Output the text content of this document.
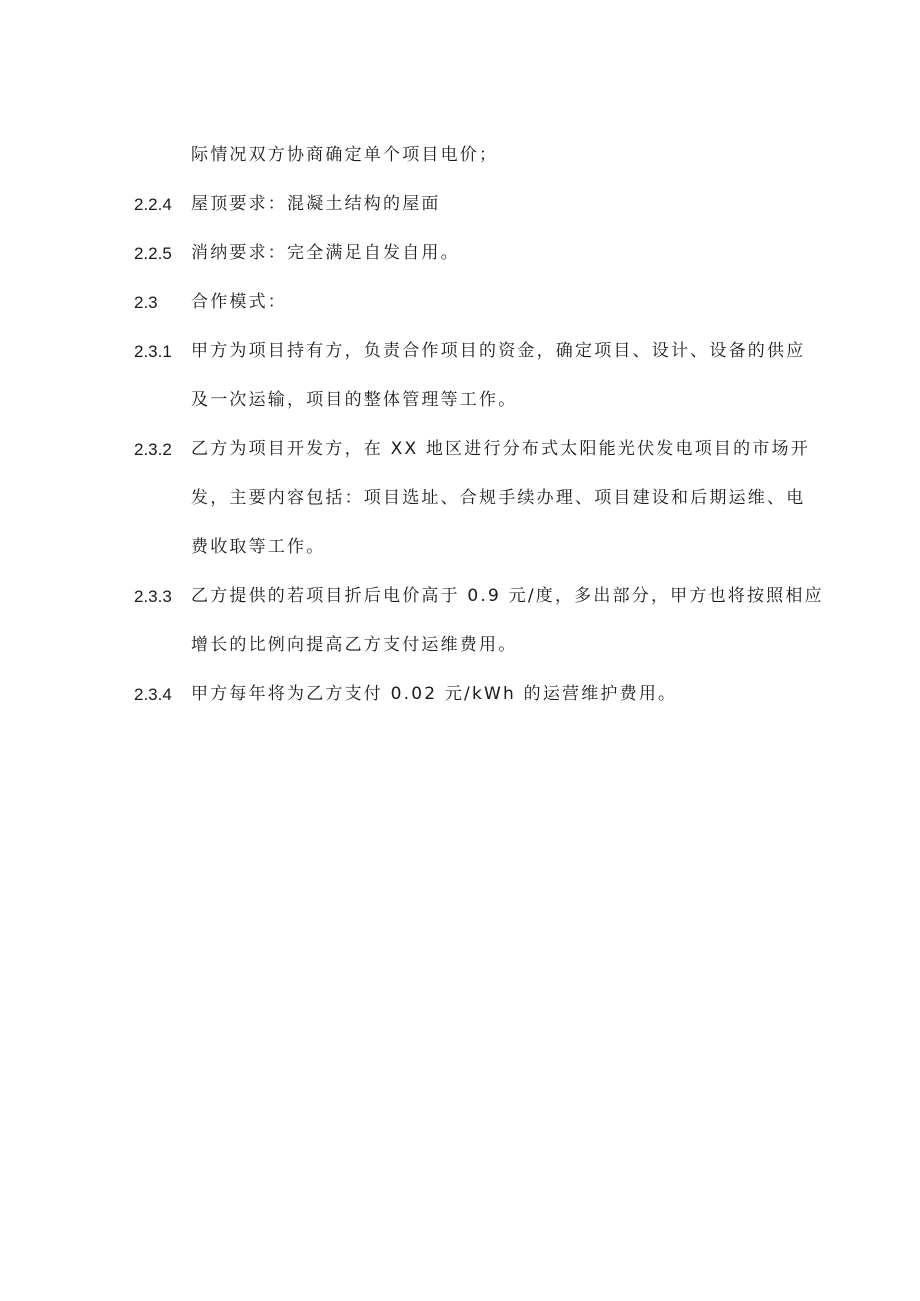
际情况双方协商确定单个项目电价；
2.2.4 屋顶要求：混凝土结构的屋面
2.2.5 消纳要求：完全满足自发自用。
2.3 合作模式：
2.3.1 甲方为项目持有方，负责合作项目的资金，确定项目、设计、设备的供应
及一次运输，项目的整体管理等工作。
2.3.2 乙方为项目开发方，在 XX 地区进行分布式太阳能光伏发电项目的市场开
发，主要内容包括：项目选址、合规手续办理、项目建设和后期运维、电
费收取等工作。
2.3.3 乙方提供的若项目折后电价高于 0.9 元/度，多出部分，甲方也将按照相应
增长的比例向提高乙方支付运维费用。
2.3.4 甲方每年将为乙方支付 0.02 元/kWh 的运营维护费用。
